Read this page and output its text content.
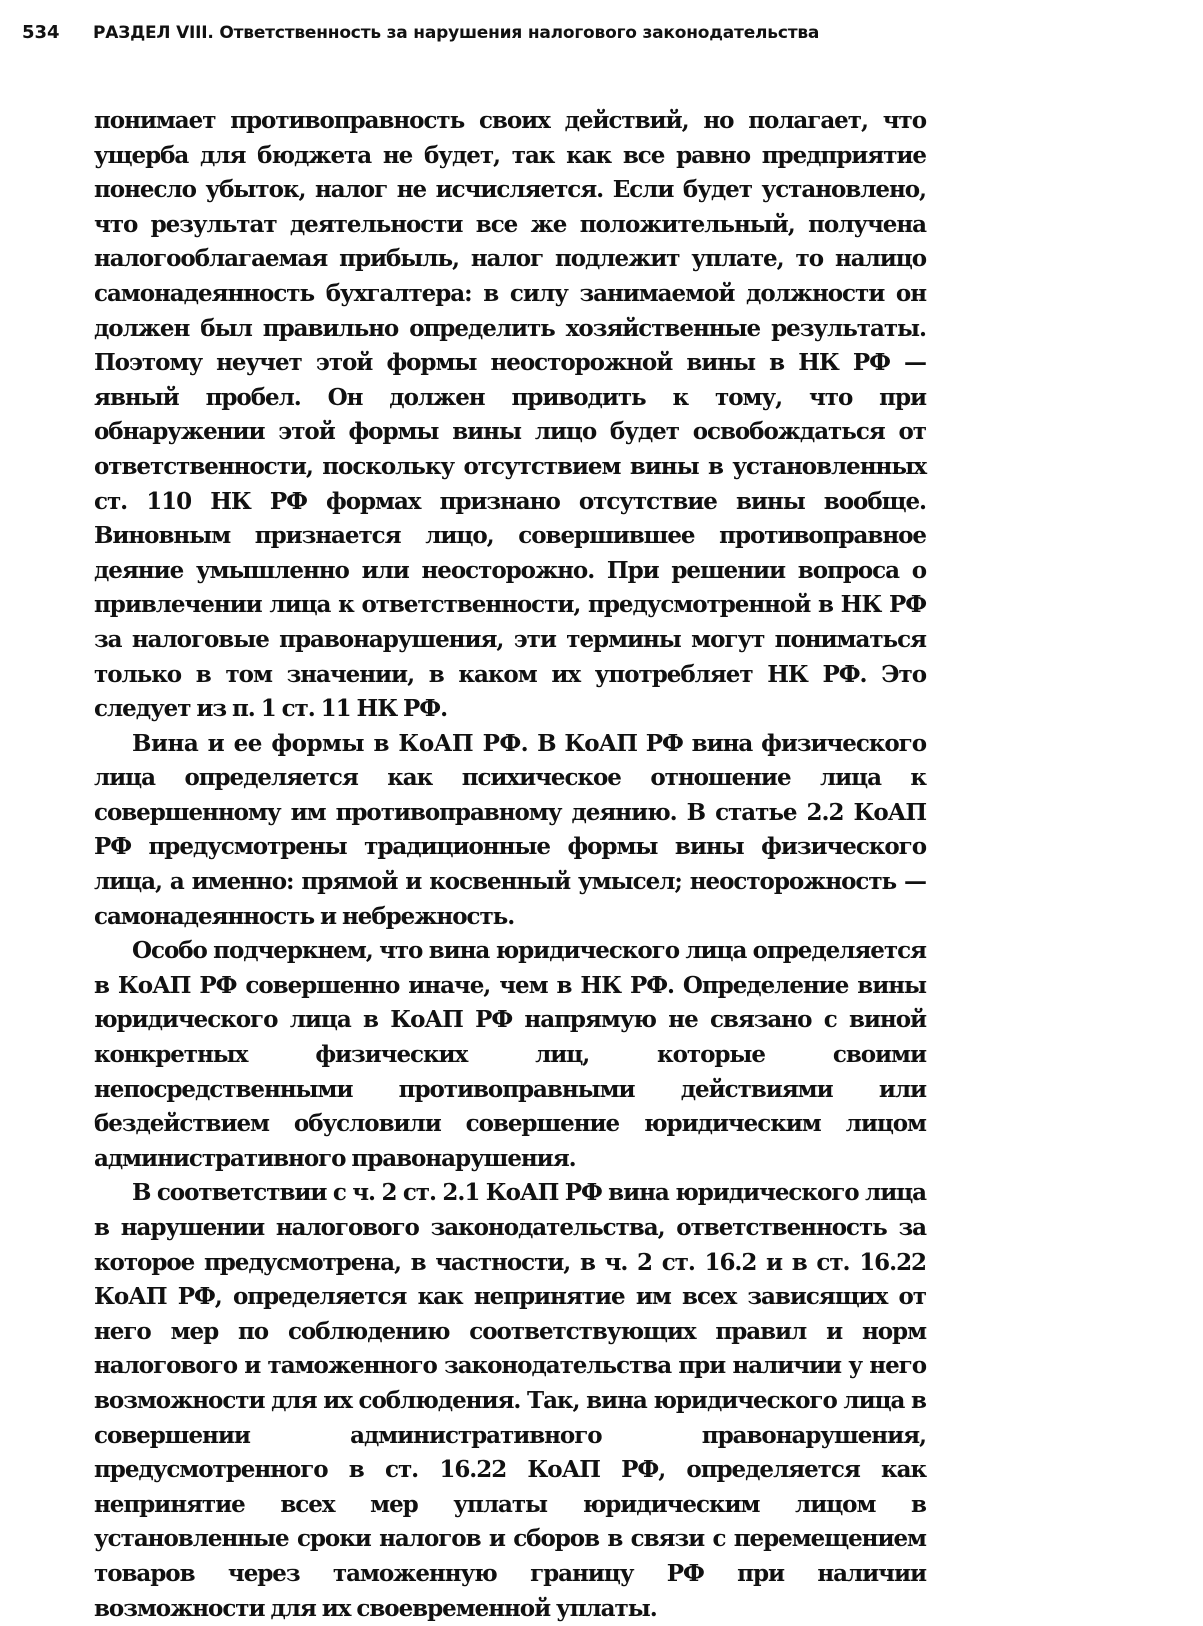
534 РАЗДЕЛ VIII. Ответственность за нарушения налогового законодательства

понимает противоправность своих действий, но полагает, что ущерба для бюджета не будет, так как все равно предприятие понесло убыток, налог не исчисляется. Если будет установлено, что результат деятельности все же положительный, получена налогооблагаемая прибыль, налог подлежит уплате, то налицо самонадеянность бухгалтера: в силу занимаемой должности он должен был правильно определить хозяйственные результаты. Поэтому неучет этой формы неосторожной вины в НК РФ — явный пробел. Он должен приводить к тому, что при обнаружении этой формы вины лицо будет освобождаться от ответственности, поскольку отсутствием вины в установленных ст. 110 НК РФ формах признано отсутствие вины вообще. Виновным признается лицо, совершившее противоправное деяние умышленно или неосторожно. При решении вопроса о привлечении лица к ответственности, предусмотренной в НК РФ за налоговые правонарушения, эти термины могут пониматься только в том значении, в каком их употребляет НК РФ. Это следует из п. 1 ст. 11 НК РФ.

Вина и ее формы в КоАП РФ. В КоАП РФ вина физического лица определяется как психическое отношение лица к совершенному им противоправному деянию. В статье 2.2 КоАП РФ предусмотрены традиционные формы вины физического лица, а именно: прямой и косвенный умысел; неосторожность — самонадеянность и небрежность.

Особо подчеркнем, что вина юридического лица определяется в КоАП РФ совершенно иначе, чем в НК РФ. Определение вины юридического лица в КоАП РФ напрямую не связано с виной конкретных физических лиц, которые своими непосредственными противоправными действиями или бездействием обусловили совершение юридическим лицом административного правонарушения.

В соответствии с ч. 2 ст. 2.1 КоАП РФ вина юридического лица в нарушении налогового законодательства, ответственность за которое предусмотрена, в частности, в ч. 2 ст. 16.2 и в ст. 16.22 КоАП РФ, определяется как непринятие им всех зависящих от него мер по соблюдению соответствующих правил и норм налогового и таможенного законодательства при наличии у него возможности для их соблюдения. Так, вина юридического лица в совершении административного правонарушения, предусмотренного в ст. 16.22 КоАП РФ, определяется как непринятие всех мер уплаты юридическим лицом в установленные сроки налогов и сборов в связи с перемещением товаров через таможенную границу РФ при наличии возможности для их своевременной уплаты.
